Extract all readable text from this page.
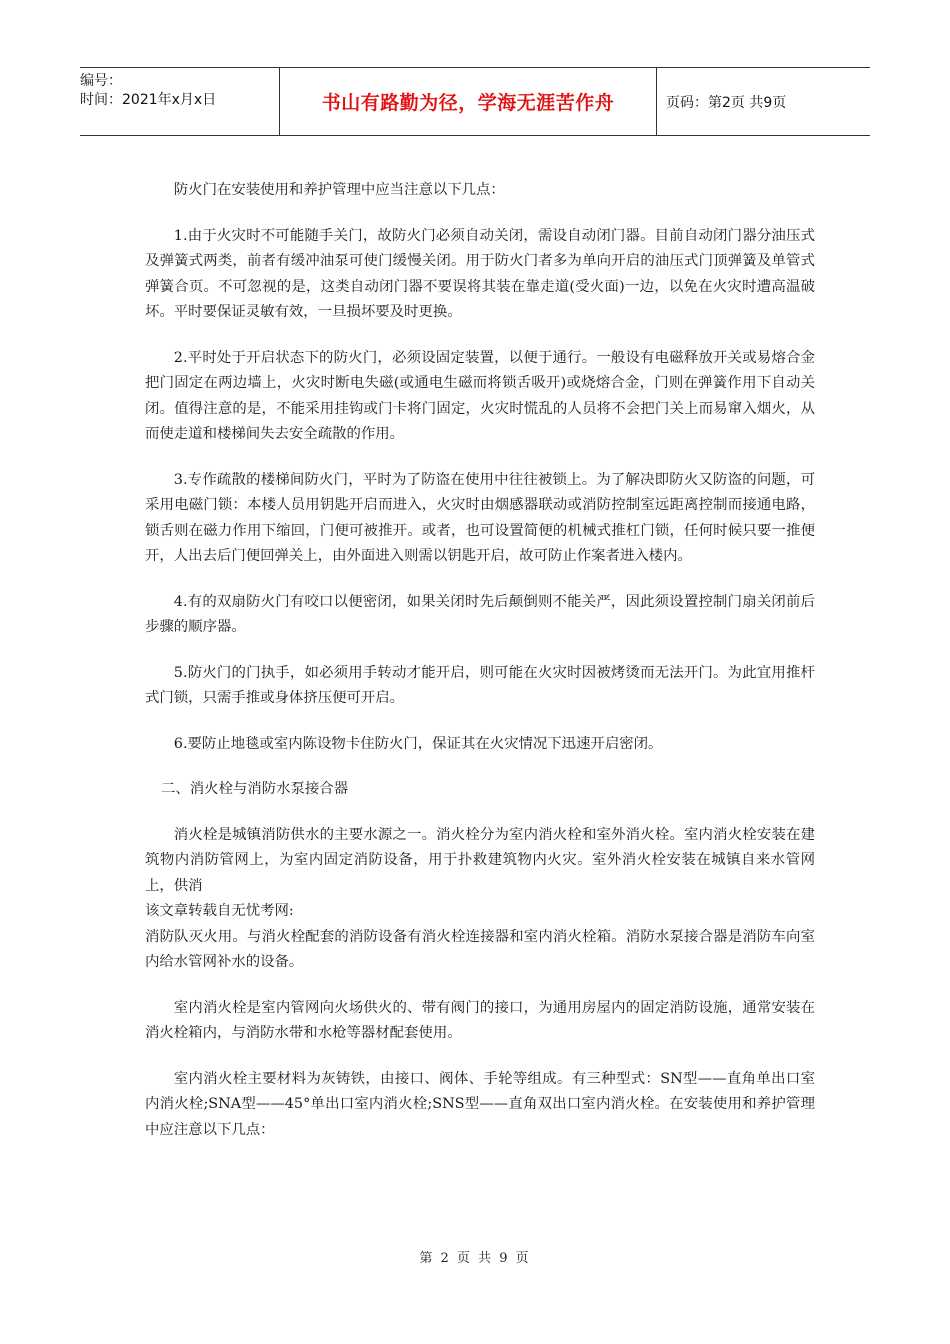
编号：
时间：2021年x月x日	书山有路勤为径，学海无涯苦作舟	页码：第2页 共9页

防火门在安装使用和养护管理中应当注意以下几点：

1.由于火灾时不可能随手关门，故防火门必须自动关闭，需设自动闭门器。目前自动闭门器分油压式及弹簧式两类，前者有缓冲油泵可使门缓慢关闭。用于防火门者多为单向开启的油压式门顶弹簧及单管式弹簧合页。不可忽视的是，这类自动闭门器不要误将其装在靠走道(受火面)一边，以免在火灾时遭高温破坏。平时要保证灵敏有效，一旦损坏要及时更换。

2.平时处于开启状态下的防火门，必须设固定装置，以便于通行。一般设有电磁释放开关或易熔合金把门固定在两边墙上，火灾时断电失磁(或通电生磁而将锁舌吸开)或烧熔合金，门则在弹簧作用下自动关闭。值得注意的是，不能采用挂钩或门卡将门固定，火灾时慌乱的人员将不会把门关上而易窜入烟火，从而使走道和楼梯间失去安全疏散的作用。

3.专作疏散的楼梯间防火门，平时为了防盗在使用中往往被锁上。为了解决即防火又防盗的问题，可采用电磁门锁：本楼人员用钥匙开启而进入，火灾时由烟感器联动或消防控制室远距离控制而接通电路，锁舌则在磁力作用下缩回，门便可被推开。或者，也可设置简便的机械式推杠门锁，任何时候只要一推便开，人出去后门便回弹关上，由外面进入则需以钥匙开启，故可防止作案者进入楼内。

4.有的双扇防火门有咬口以便密闭，如果关闭时先后颠倒则不能关严，因此须设置控制门扇关闭前后步骤的顺序器。

5.防火门的门执手，如必须用手转动才能开启，则可能在火灾时因被烤烫而无法开门。为此宜用推杆式门锁，只需手推或身体挤压便可开启。

6.要防止地毯或室内陈设物卡住防火门，保证其在火灾情况下迅速开启密闭。

二、消火栓与消防水泵接合器

消火栓是城镇消防供水的主要水源之一。消火栓分为室内消火栓和室外消火栓。室内消火栓安装在建筑物内消防管网上，为室内固定消防设备，用于扑救建筑物内火灾。室外消火栓安装在城镇自来水管网上，供消

该文章转载自无忧考网:

消防队灭火用。与消火栓配套的消防设备有消火栓连接器和室内消火栓箱。消防水泵接合器是消防车向室内给水管网补水的设备。

室内消火栓是室内管网向火场供火的、带有阀门的接口，为通用房屋内的固定消防设施，通常安装在消火栓箱内，与消防水带和水枪等器材配套使用。

室内消火栓主要材料为灰铸铁，由接口、阀体、手轮等组成。有三种型式：SN型——直角单出口室内消火栓;SNA型——45°单出口室内消火栓;SNS型——直角双出口室内消火栓。在安装使用和养护管理中应注意以下几点：

第 2 页 共 9 页
